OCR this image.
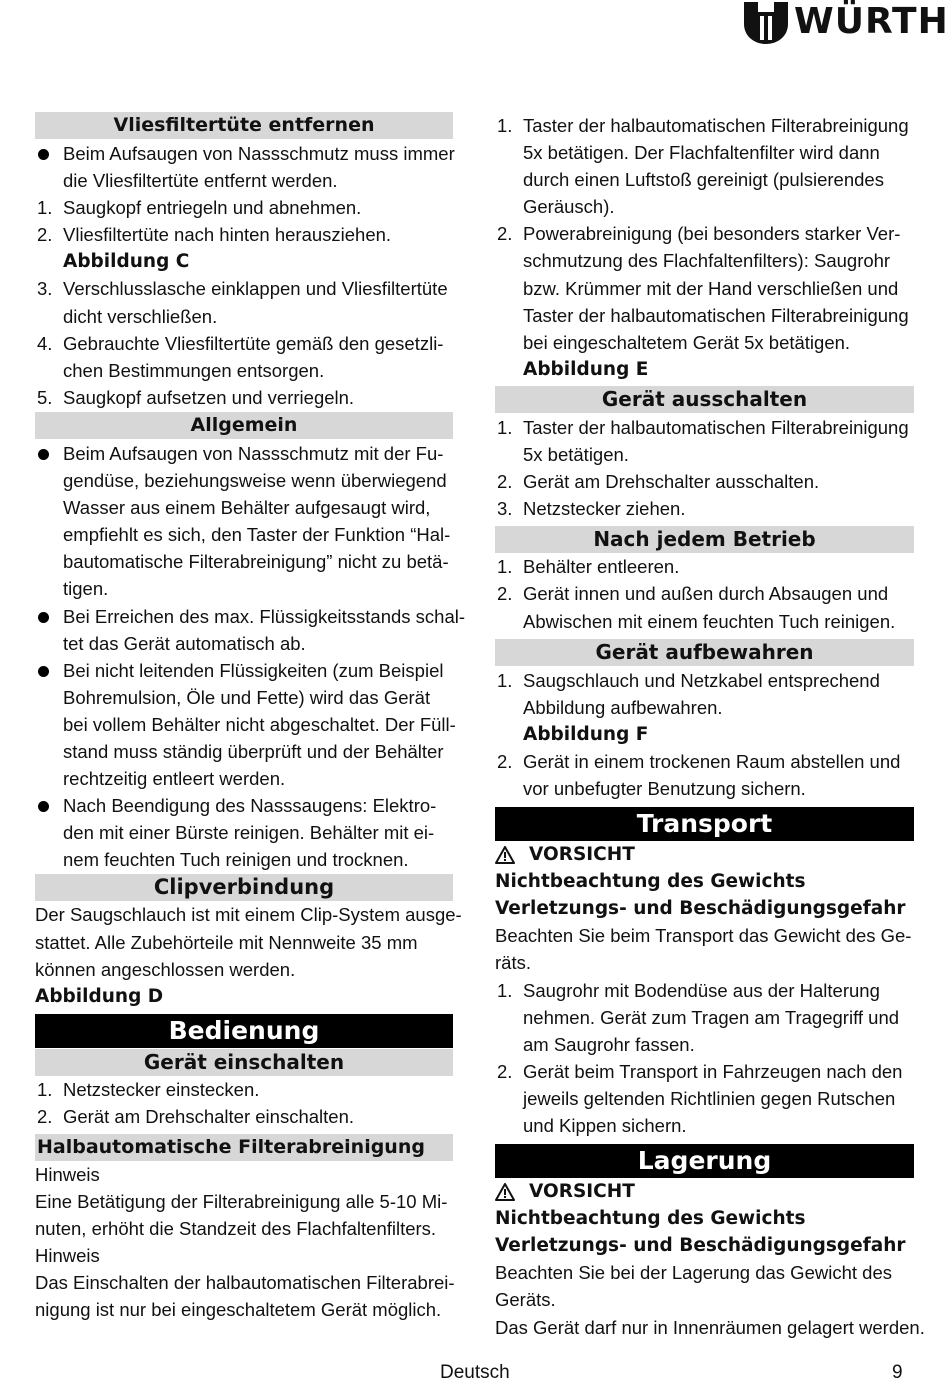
WÜRTH
Vliesfiltertüte entfernen
Beim Aufsaugen von Nassschmutz muss immer
die Vliesfiltertüte entfernt werden.
1. Saugkopf entriegeln und abnehmen.
2. Vliesfiltertüte nach hinten herausziehen.
Abbildung C
3. Verschlusslasche einklappen und Vliesfiltertüte
dicht verschließen.
4. Gebrauchte Vliesfiltertüte gemäß den gesetzli-
chen Bestimmungen entsorgen.
5. Saugkopf aufsetzen und verriegeln.
Allgemein
Beim Aufsaugen von Nassschmutz mit der Fu-
gendüse, beziehungsweise wenn überwiegend
Wasser aus einem Behälter aufgesaugt wird,
empfiehlt es sich, den Taster der Funktion “Hal-
bautomatische Filterabreinigung” nicht zu betä-
tigen.
Bei Erreichen des max. Flüssigkeitsstands schal-
tet das Gerät automatisch ab.
Bei nicht leitenden Flüssigkeiten (zum Beispiel
Bohremulsion, Öle und Fette) wird das Gerät
bei vollem Behälter nicht abgeschaltet. Der Füll-
stand muss ständig überprüft und der Behälter
rechtzeitig entleert werden.
Nach Beendigung des Nasssaugens: Elektro-
den mit einer Bürste reinigen. Behälter mit ei-
nem feuchten Tuch reinigen und trocknen.
Clipverbindung
Der Saugschlauch ist mit einem Clip-System ausge-
stattet. Alle Zubehörteile mit Nennweite 35 mm
können angeschlossen werden.
Abbildung D
Bedienung
Gerät einschalten
1. Netzstecker einstecken.
2. Gerät am Drehschalter einschalten.
Halbautomatische Filterabreinigung
Hinweis
Eine Betätigung der Filterabreinigung alle 5-10 Mi-
nuten, erhöht die Standzeit des Flachfaltenfilters.
Hinweis
Das Einschalten der halbautomatischen Filterabrei-
nigung ist nur bei eingeschaltetem Gerät möglich.
1. Taster der halbautomatischen Filterabreinigung
5x betätigen. Der Flachfaltenfilter wird dann
durch einen Luftstoß gereinigt (pulsierendes
Geräusch).
2. Powerabreinigung (bei besonders starker Ver-
schmutzung des Flachfaltenfilters): Saugrohr
bzw. Krümmer mit der Hand verschließen und
Taster der halbautomatischen Filterabreinigung
bei eingeschaltetem Gerät 5x betätigen.
Abbildung E
Gerät ausschalten
1. Taster der halbautomatischen Filterabreinigung
5x betätigen.
2. Gerät am Drehschalter ausschalten.
3. Netzstecker ziehen.
Nach jedem Betrieb
1. Behälter entleeren.
2. Gerät innen und außen durch Absaugen und
Abwischen mit einem feuchten Tuch reinigen.
Gerät aufbewahren
1. Saugschlauch und Netzkabel entsprechend
Abbildung aufbewahren.
Abbildung F
2. Gerät in einem trockenen Raum abstellen und
vor unbefugter Benutzung sichern.
Transport
VORSICHT
Nichtbeachtung des Gewichts
Verletzungs- und Beschädigungsgefahr
Beachten Sie beim Transport das Gewicht des Ge-
räts.
1. Saugrohr mit Bodendüse aus der Halterung
nehmen. Gerät zum Tragen am Tragegriff und
am Saugrohr fassen.
2. Gerät beim Transport in Fahrzeugen nach den
jeweils geltenden Richtlinien gegen Rutschen
und Kippen sichern.
Lagerung
VORSICHT
Nichtbeachtung des Gewichts
Verletzungs- und Beschädigungsgefahr
Beachten Sie bei der Lagerung das Gewicht des
Geräts.
Das Gerät darf nur in Innenräumen gelagert werden.
Deutsch	9
